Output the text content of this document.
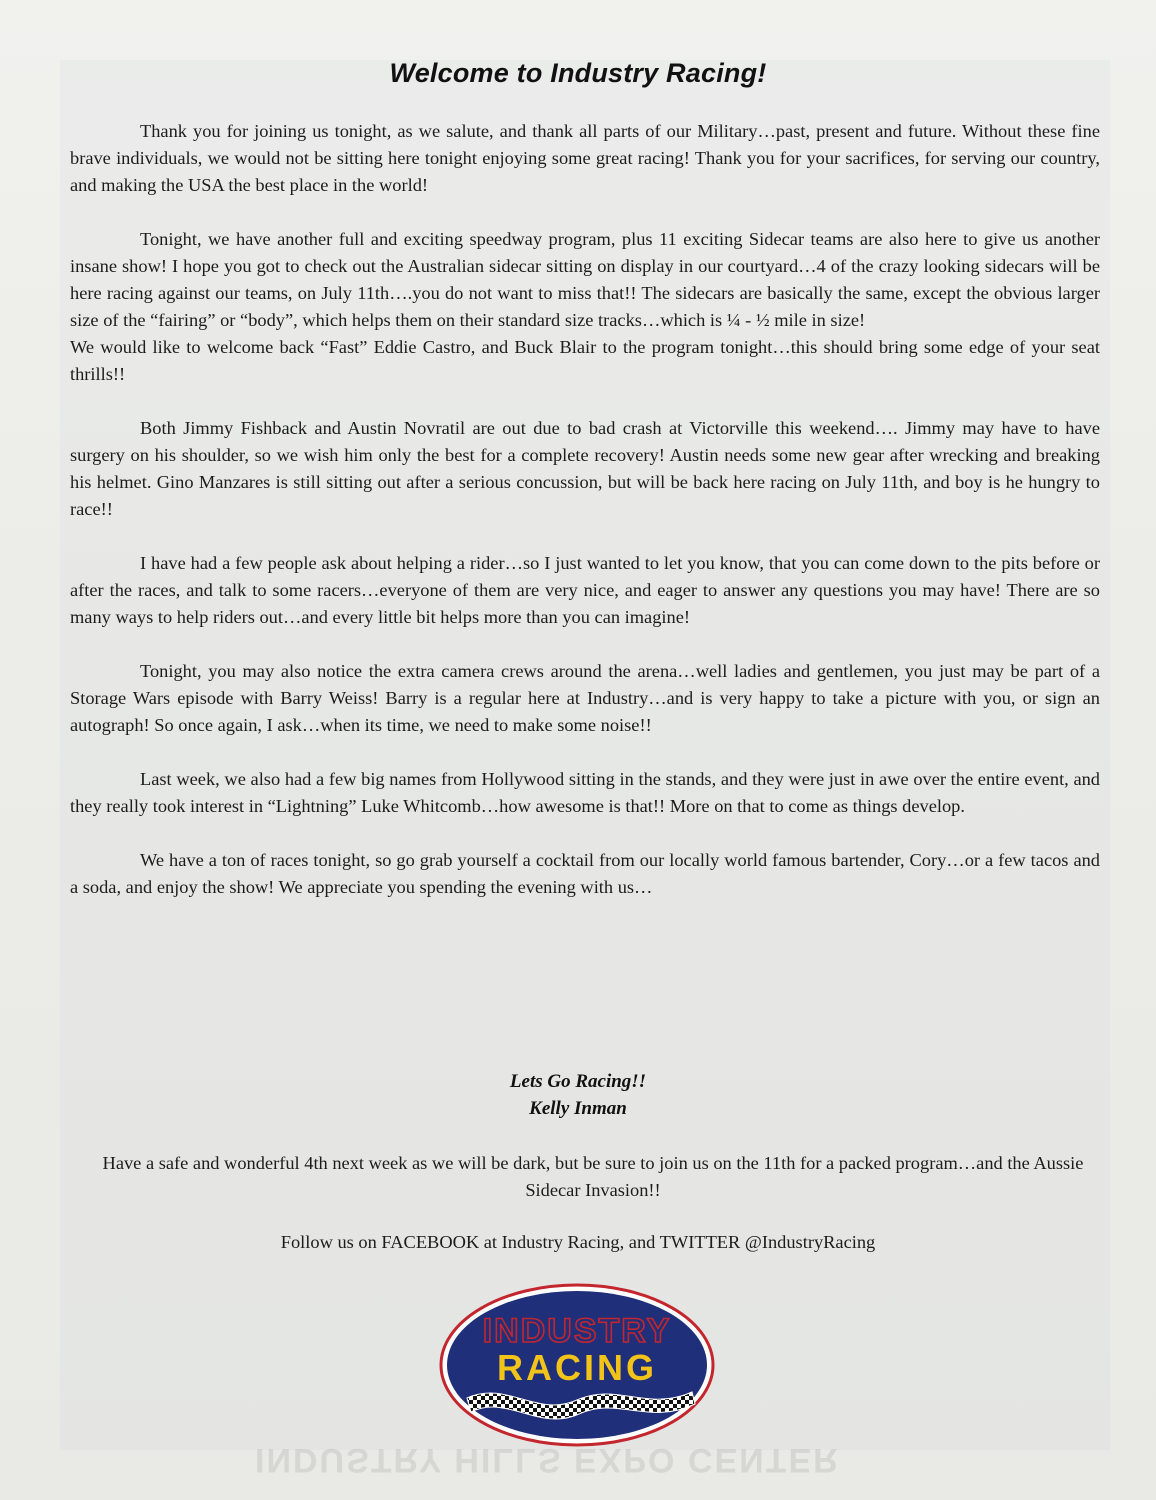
Welcome to Industry Racing!

Thank you for joining us tonight, as we salute, and thank all parts of our Military…past, present and future. Without these fine brave individuals, we would not be sitting here tonight enjoying some great racing! Thank you for your sacrifices, for serving our country, and making the USA the best place in the world!

Tonight, we have another full and exciting speedway program, plus 11 exciting Sidecar teams are also here to give us another insane show! I hope you got to check out the Australian sidecar sitting on display in our courtyard…4 of the crazy looking sidecars will be here racing against our teams, on July 11th….you do not want to miss that!! The sidecars are basically the same, except the obvious larger size of the “fairing” or “body”, which helps them on their standard size tracks…which is ¼ - ½ mile in size!

We would like to welcome back “Fast” Eddie Castro, and Buck Blair to the program tonight…this should bring some edge of your seat thrills!!

Both Jimmy Fishback and Austin Novratil are out due to bad crash at Victorville this weekend…. Jimmy may have to have surgery on his shoulder, so we wish him only the best for a complete recovery! Austin needs some new gear after wrecking and breaking his helmet. Gino Manzares is still sitting out after a serious concussion, but will be back here racing on July 11th, and boy is he hungry to race!!

I have had a few people ask about helping a rider…so I just wanted to let you know, that you can come down to the pits before or after the races, and talk to some racers…everyone of them are very nice, and eager to answer any questions you may have! There are so many ways to help riders out…and every little bit helps more than you can imagine!

Tonight, you may also notice the extra camera crews around the arena…well ladies and gentlemen, you just may be part of a Storage Wars episode with Barry Weiss! Barry is a regular here at Industry…and is very happy to take a picture with you, or sign an autograph! So once again, I ask…when its time, we need to make some noise!!

Last week, we also had a few big names from Hollywood sitting in the stands, and they were just in awe over the entire event, and they really took interest in “Lightning” Luke Whitcomb…how awesome is that!! More on that to come as things develop.

We have a ton of races tonight, so go grab yourself a cocktail from our locally world famous bartender, Cory…or a few tacos and a soda, and enjoy the show! We appreciate you spending the evening with us…

Lets Go Racing!!
Kelly Inman
Have a safe and wonderful 4th next week as we will be dark, but be sure to join us on the 11th for a packed program…and the Aussie Sidecar Invasion!!
Follow us on FACEBOOK at Industry Racing, and TWITTER @IndustryRacing
INDUSTRY
RACING
INDUSTRY HILLS EXPO CENTER
